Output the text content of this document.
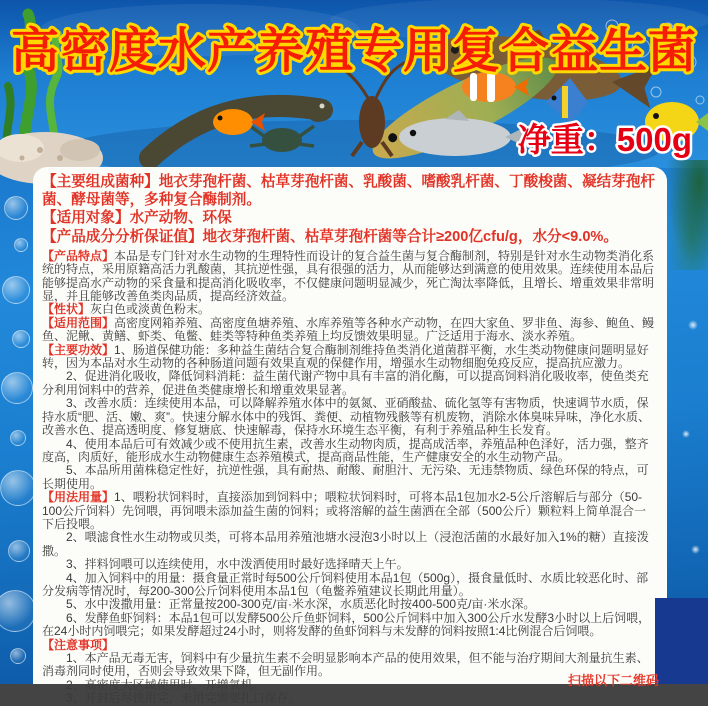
高密度水产养殖专用复合益生菌
净重：500g

【主要组成菌种】地衣芽孢杆菌、枯草芽孢杆菌、乳酸菌、嗜酸乳杆菌、丁酸梭菌、凝结芽孢杆菌、酵母菌等，多种复合酶制剂。

【适用对象】水产动物、环保

【产品成分分析保证值】地衣芽孢杆菌、枯草芽孢杆菌等合计≥200亿cfu/g，水分<9.0%。

【产品特点】本品是专门针对水生动物的生理特性而设计的复合益生菌与复合酶制剂，特别是针对水生动物类消化系统的特点，采用原籍高活力乳酸菌，其抗逆性强，具有很强的活力，从而能够达到满意的使用效果。连续使用本品后能够提高水产动物的采食量和提高消化吸收率，不仅健康问题明显减少，死亡淘汰率降低，且增长、增重效果非常明显，并且能够改善鱼类肉品质，提高经济效益。

【性状】灰白色或淡黄色粉末。

【适用范围】高密度网箱养殖、高密度鱼塘养殖、水库养殖等各种水产动物，在四大家鱼、罗非鱼、海参、鲍鱼、鳗鱼、泥鳅、黄鳝、虾类、龟鳖、蛙类等特种鱼类养殖上均反馈效果明显。广泛适用于海水、淡水养殖。

【主要功效】1、肠道保健功能：多种益生菌结合复合酶制剂维持鱼类消化道菌群平衡，水生类动物健康问题明显好转，因为本品对水生动物的各种肠道问题有效果直观的保健作用，增强水生动物细胞免疫反应，提高抗应激力。

2、促进消化吸收，降低饲料消耗：益生菌代谢产物中具有丰富的消化酶，可以提高饲料消化吸收率，使鱼类充分利用饲料中的营养，促进鱼类健康增长和增重效果显著。

3、改善水质：连续使用本品，可以降解养殖水体中的氨氮、亚硝酸盐、硫化氢等有害物质，快速调节水质，保持水质“肥、活、嫩、爽”。快速分解水体中的残饵、粪便、动植物残骸等有机废物，消除水体臭味异味，净化水质、改善水色、提高透明度、修复塘底、快速解毒，保持水环境生态平衡，有利于养殖品种生长发育。

4、使用本品后可有效减少或不使用抗生素，改善水生动物肉质，提高成活率，养殖品种色泽好，活力强，整齐度高，肉质好，能形成水生动物健康生态养殖模式，提高商品性能，生产健康安全的水生动物产品。

5、本品所用菌株稳定性好，抗逆性强，具有耐热、耐酸、耐胆汁、无污染、无违禁物质、绿色环保的特点，可长期使用。

【用法用量】1、喂粉状饲料时，直接添加到饲料中；喂粒状饲料时，可将本品1包加水2-5公斤溶解后与部分（50-100公斤饲料）先饲喂，再饲喂未添加益生菌的饲料；或将溶解的益生菌洒在全部（500公斤）颗粒料上简单混合一下后投喂。

2、喂滤食性水生动物或贝类，可将本品用养殖池塘水浸泡3小时以上（浸泡活菌的水最好加入1%的糖）直接泼撒。

3、拌料饲喂可以连续使用，水中泼洒使用时最好选择晴天上午。

4、加入饲料中的用量：摄食量正常时每500公斤饲料使用本品1包（500g），摄食量低时、水质比较恶化时、部分发病等情况时，每200-300公斤饲料使用本品1包（龟鳖养殖建议长期此用量）。

5、水中泼撒用量：正常量按200-300克/亩·米水深，水质恶化时按400-500克/亩·米水深。

6、发酵鱼虾饲料：本品1包可以发酵500公斤鱼虾饲料，500公斤饲料中加入300公斤水发酵3小时以上后饲喂，在24小时内饲喂完；如果发酵超过24小时，则将发酵的鱼虾饲料与未发酵的饲料按照1:4比例混合后饲喂。

【注意事项】

1、本产品无毒无害，饲料中有少量抗生素不会明显影响本产品的使用效果，但不能与治疗期间大剂量抗生素、消毒剂同时使用，否则会导致效果下降，但无副作用。

2、高密度大区域使用时，开增氧机。

3、开封后尽快用完，未用完需要扎口保存。

扫描以下二维码
